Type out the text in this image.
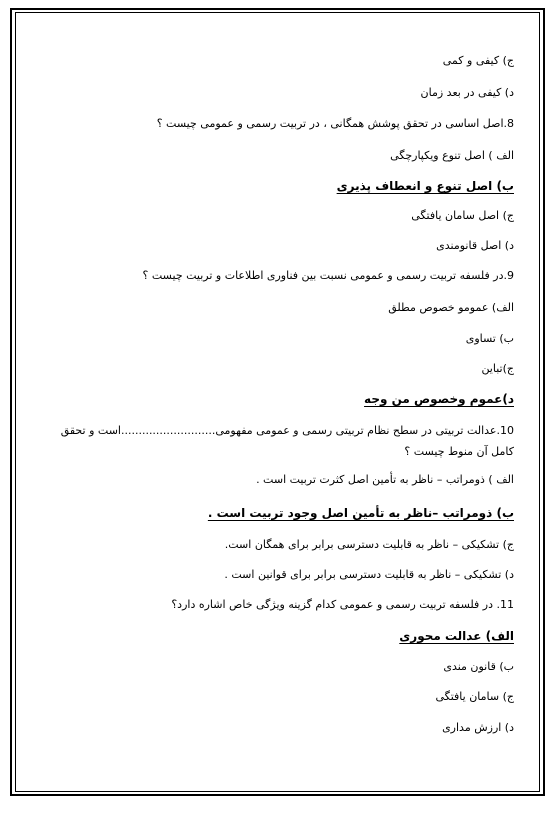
ج) کیفی و کمی
د) کیفی در بعد زمان
8.اصل اساسی در تحقق پوشش همگانی ، در تربیت رسمی و عمومی چیست ؟
الف ) اصل تنوع ویکپارچگی
ب) اصل تنوع و انعطاف پذیری
ج) اصل سامان یافتگی
د) اصل قانومندی
9.در فلسفه تربیت رسمی و عمومی نسبت بین فناوری اطلاعات و تربیت چیست ؟
الف) عمومو خصوص مطلق
ب) تساوی
ج)تباین
د)عموم وخصوص من وجه
10.عدالت تربیتی در سطح نظام تربیتی رسمی و عمومی مفهومی...........................است و تحقق کامل آن منوط چیست ؟
الف ) ذومراتب – ناظر به تأمین اصل کثرت تربیت است .
ب) ذومراتب –ناظر به تأمین اصل وجود تربیت است .
ج) تشکیکی – ناظر به قابلیت دسترسی برابر برای همگان است.
د) تشکیکی – ناظر به قابلیت دسترسی برابر برای قوانین است .
11. در فلسفه تربیت رسمی و عمومی کدام گزینه ویژگی خاص اشاره دارد؟
الف) عدالت محوری
ب) قانون مندی
ج) سامان یافتگی
د) ارزش مداری
